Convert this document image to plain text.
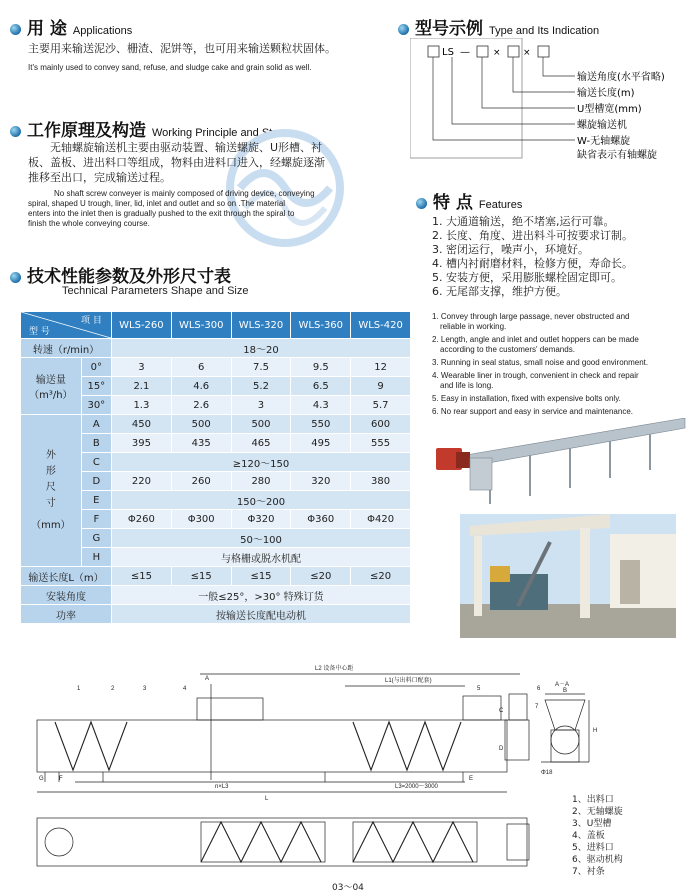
用 途 Applications
主要用来输送泥沙、栅渣、泥饼等，也可用来输送颗粒状固体。
It's mainly used to convey sand, refuse, and sludge cake and grain solid as well.
工作原理及构造 Working Principle and Strucre
无轴螺旋输送机主要由驱动装置、输送螺旋、U形槽、衬
板、盖板、进出料口等组成，物料由进料口进入，经螺旋逐渐
推移至出口，完成输送过程。
No shaft screw conveyer is mainly composed of driving device, conveying
spiral, shaped U trough, liner, lid, inlet and outlet and so on .The material
enters into the inlet then is gradually pushed to the exit through the spiral to
finish the whole conveying course.
技术性能参数及外形尺寸表
Technical Parameters Shape and Size
项 目
型 号		WLS-260	WLS-300	WLS-320	WLS-360	WLS-420
转速（r/min）		18～20				

输送量
（m³/h）	0°	3	6	7.5	9.5	12
	15°	2.1	4.6	5.2	6.5	9
	30°	1.3	2.6	3	4.3	5.7

外
形
尺
寸
（mm）	A	450	500	500	550	600
	B	395	435	465	495	555
	C	≥120～150				
	D	220	260	280	320	380
	E	150～200				
	F	Φ260	Φ300	Φ320	Φ360	Φ420
	G	50～100				
	H	与格栅或脱水机配				
输送长度L（m）		≤15	≤15	≤15	≤20	≤20
安装角度		一般≤25°，>30° 特殊订货				
功率		按输送长度配电动机				
型号示例 Type and Its Indication
LS —	× ×
输送角度(水平省略)
输送长度(m)
U型槽宽(mm)
螺旋输送机
W-无轴螺旋
缺省表示有轴螺旋
特 点 Features
1. 大通道输送，绝不堵塞,运行可靠。
2. 长度、角度、进出料斗可按要求订制。
3. 密闭运行，噪声小，环境好。
4. 槽内衬耐磨材料，检修方便，寿命长。
5. 安装方便，采用膨胀螺栓固定即可。
6. 无尾部支撑，维护方便。
1. Convey through large passage, never obstructed and
reliable in working.
2. Length, angle and inlet and outlet hoppers can be made
according to the customers' demands.
3. Running in seal status, small noise and good environment.
4. Wearable liner in trough, convenient in check and repair
and life is long.
5. Easy in installation, fixed with expensive bolts only.
6. No rear support and easy in service and maintenance.
L2 设备中心距
L1(与出料口配套)
A
L3=2000～3000
n×L3
L
F
G	E
C
D
1	2	3	4	5	6
7
A－A
B
H
Φ18
1、出料口
2、无轴螺旋
3、U型槽
4、盖板
5、进料口
6、驱动机构
7、衬条
03～04
